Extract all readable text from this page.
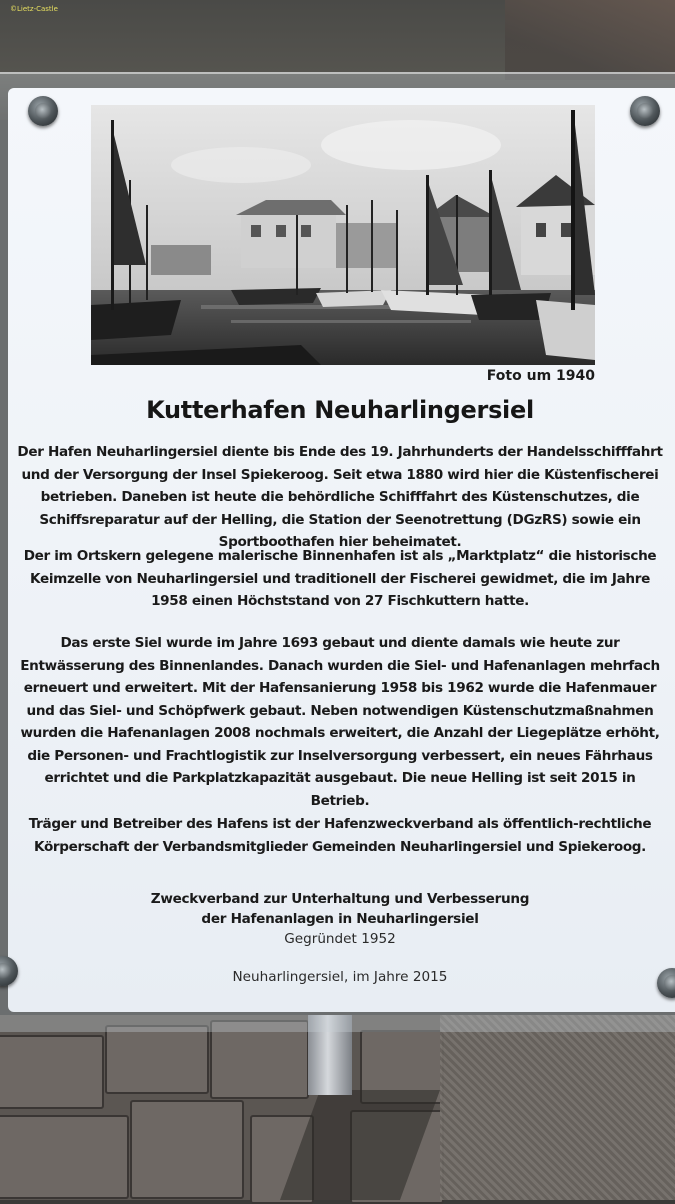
©Lietz-Castle
Foto um 1940
Kutterhafen Neuharlingersiel
Der Hafen Neuharlingersiel diente bis Ende des 19. Jahrhunderts der Handelsschifffahrt und der Versorgung der Insel Spiekeroog. Seit etwa 1880 wird hier die Küstenfischerei betrieben. Daneben ist heute die behördliche Schifffahrt des Küstenschutzes, die Schiffsreparatur auf der Helling, die Station der Seenotrettung (DGzRS) sowie ein Sportboothafen hier beheimatet.
Der im Ortskern gelegene malerische Binnenhafen ist als „Marktplatz“ die historische Keimzelle von Neuharlingersiel und traditionell der Fischerei gewidmet, die im Jahre 1958 einen Höchststand von 27 Fischkuttern hatte.
Das erste Siel wurde im Jahre 1693 gebaut und diente damals wie heute zur Entwässerung des Binnenlandes. Danach wurden die Siel- und Hafenanlagen mehrfach erneuert und erweitert. Mit der Hafensanierung 1958 bis 1962 wurde die Hafenmauer und das Siel- und Schöpfwerk gebaut. Neben notwendigen Küstenschutzmaßnahmen wurden die Hafenanlagen 2008 nochmals erweitert, die Anzahl der Liegeplätze erhöht, die Personen- und Frachtlogistik zur Inselversorgung verbessert, ein neues Fährhaus errichtet und die Parkplatzkapazität ausgebaut. Die neue Helling ist seit 2015 in Betrieb.
Träger und Betreiber des Hafens ist der Hafenzweckverband als öffentlich-rechtliche Körperschaft der Verbandsmitglieder Gemeinden Neuharlingersiel und Spiekeroog.
Zweckverband zur Unterhaltung und Verbesserung
der Hafenanlagen in Neuharlingersiel
Gegründet 1952
Neuharlingersiel, im Jahre 2015
